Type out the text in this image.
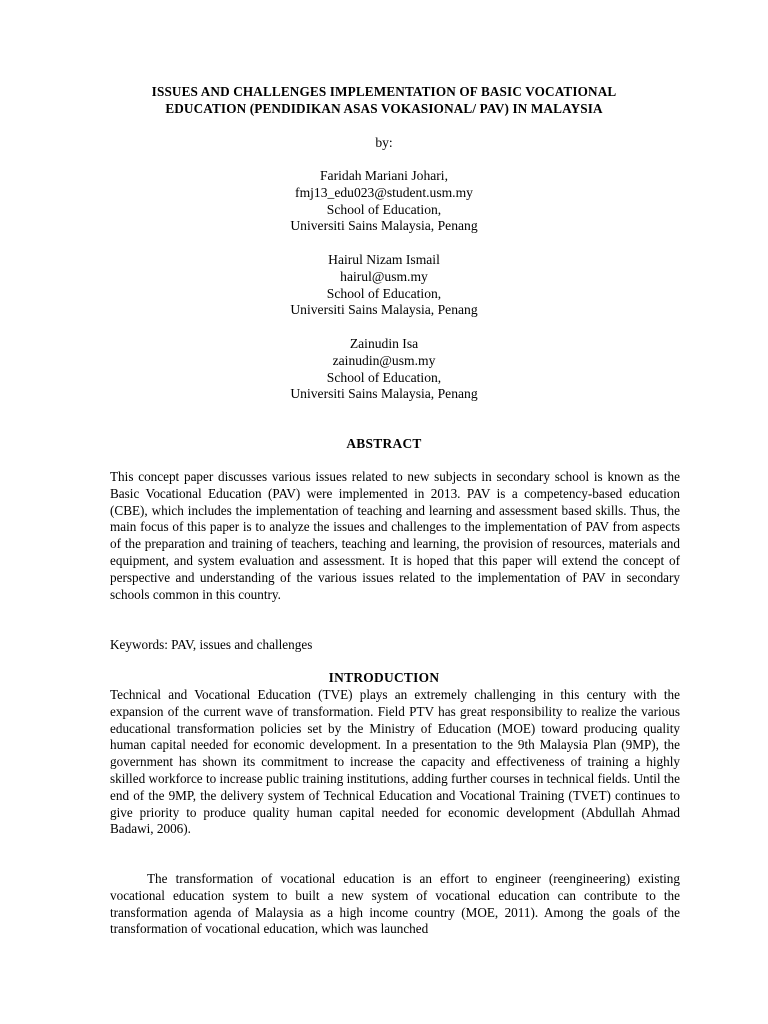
ISSUES AND CHALLENGES IMPLEMENTATION OF BASIC VOCATIONAL
EDUCATION (PENDIDIKAN ASAS VOKASIONAL/ PAV) IN MALAYSIA
by:
Faridah Mariani Johari,
fmj13_edu023@student.usm.my
School of Education,
Universiti Sains Malaysia, Penang
Hairul Nizam Ismail
hairul@usm.my
School of Education,
Universiti Sains Malaysia, Penang
Zainudin Isa
zainudin@usm.my
School of Education,
Universiti Sains Malaysia, Penang
ABSTRACT

This concept paper discusses various issues related to new subjects in secondary school is known as the Basic Vocational Education (PAV) were implemented in 2013. PAV is a competency-based education (CBE), which includes the implementation of teaching and learning and assessment based skills. Thus, the main focus of this paper is to analyze the issues and challenges to the implementation of PAV from aspects of the preparation and training of teachers, teaching and learning, the provision of resources, materials and equipment, and system evaluation and assessment. It is hoped that this paper will extend the concept of perspective and understanding of the various issues related to the implementation of PAV in secondary schools common in this country.

Keywords: PAV, issues and challenges

INTRODUCTION

Technical and Vocational Education (TVE) plays an extremely challenging in this century with the expansion of the current wave of transformation. Field PTV has great responsibility to realize the various educational transformation policies set by the Ministry of Education (MOE) toward producing quality human capital needed for economic development. In a presentation to the 9th Malaysia Plan (9MP), the government has shown its commitment to increase the capacity and effectiveness of training a highly skilled workforce to increase public training institutions, adding further courses in technical fields. Until the end of the 9MP, the delivery system of Technical Education and Vocational Training (TVET) continues to give priority to produce quality human capital needed for economic development (Abdullah Ahmad Badawi, 2006).

The transformation of vocational education is an effort to engineer (reengineering) existing vocational education system to built a new system of vocational education can contribute to the transformation agenda of Malaysia as a high income country (MOE, 2011). Among the goals of the transformation of vocational education, which was launched
